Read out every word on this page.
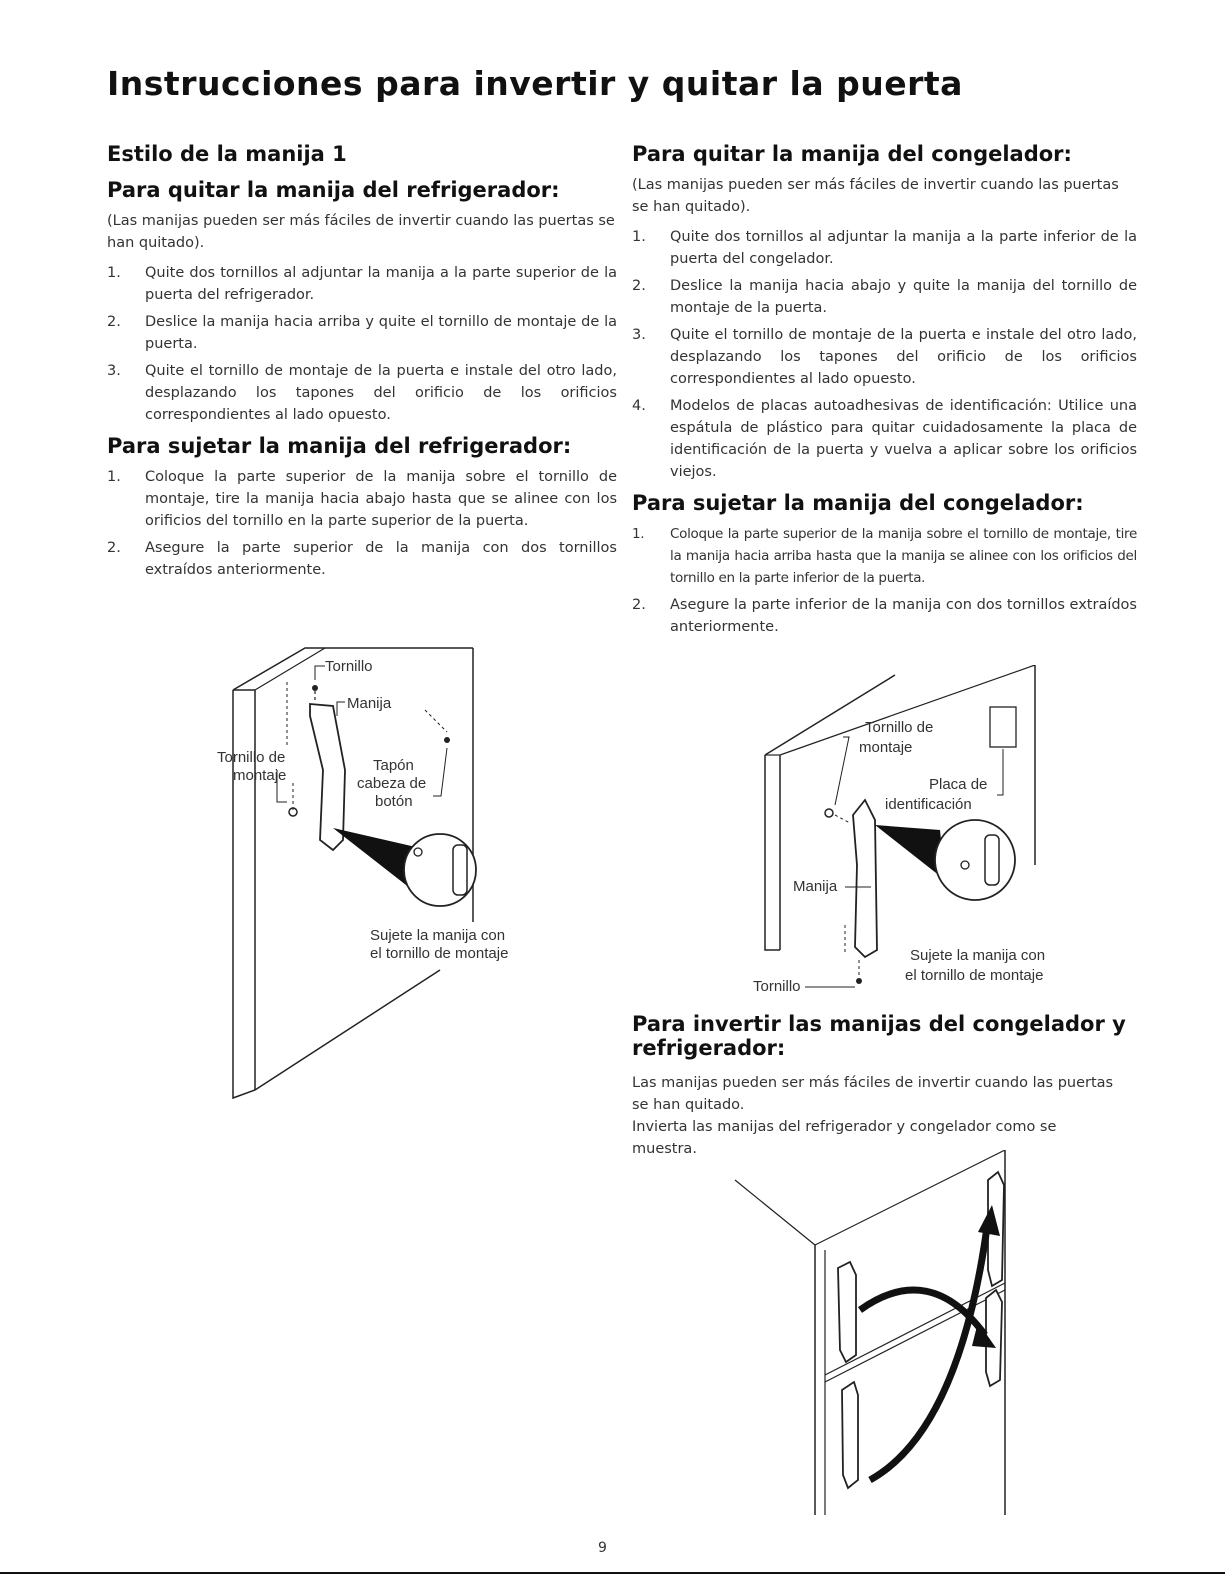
Instrucciones para invertir y quitar la puerta
Estilo de la manija 1
Para quitar la manija del refrigerador:

(Las manijas pueden ser más fáciles de invertir cuando las puertas se han quitado).

1. Quite dos tornillos al adjuntar la manija a la parte superior de la puerta del refrigerador.
2. Deslice la manija hacia arriba y quite el tornillo de montaje de la puerta.
3. Quite el tornillo de montaje de la puerta e instale del otro lado, desplazando los tapones del orificio de los orificios correspondientes al lado opuesto.
Para sujetar la manija del refrigerador:
1. Coloque la parte superior de la manija sobre el tornillo de montaje, tire la manija hacia abajo hasta que se alinee con los orificios del tornillo en la parte superior de la puerta.
2. Asegure la parte superior de la manija con dos tornillos extraídos anteriormente.
Tornillo
Manija
Tornillo de
montaje
Tapón
cabeza de
botón
Sujete la manija con
el tornillo de montaje
Para quitar la manija del congelador:

(Las manijas pueden ser más fáciles de invertir cuando las puertas se han quitado).

1. Quite dos tornillos al adjuntar la manija a la parte inferior de la puerta del congelador.
2. Deslice la manija hacia abajo y quite la manija del tornillo de montaje de la puerta.
3. Quite el tornillo de montaje de la puerta e instale del otro lado, desplazando los tapones del orificio de los orificios correspondientes al lado opuesto.
4. Modelos de placas autoadhesivas de identificación: Utilice una espátula de plástico para quitar cuidadosamente la placa de identificación de la puerta y vuelva a aplicar sobre los orificios viejos.
Para sujetar la manija del congelador:
1. Coloque la parte superior de la manija sobre el tornillo de montaje, tire la manija hacia arriba hasta que la manija se alinee con los orificios del tornillo en la parte inferior de la puerta.
2. Asegure la parte inferior de la manija con dos tornillos extraídos anteriormente.
Tornillo de
montaje
Placa de
identificación
Manija
Tornillo
Sujete la manija con
el tornillo de montaje
Para invertir las manijas del congelador y refrigerador:

Las manijas pueden ser más fáciles de invertir cuando las puertas se han quitado.

Invierta las manijas del refrigerador y congelador como se muestra.

9
